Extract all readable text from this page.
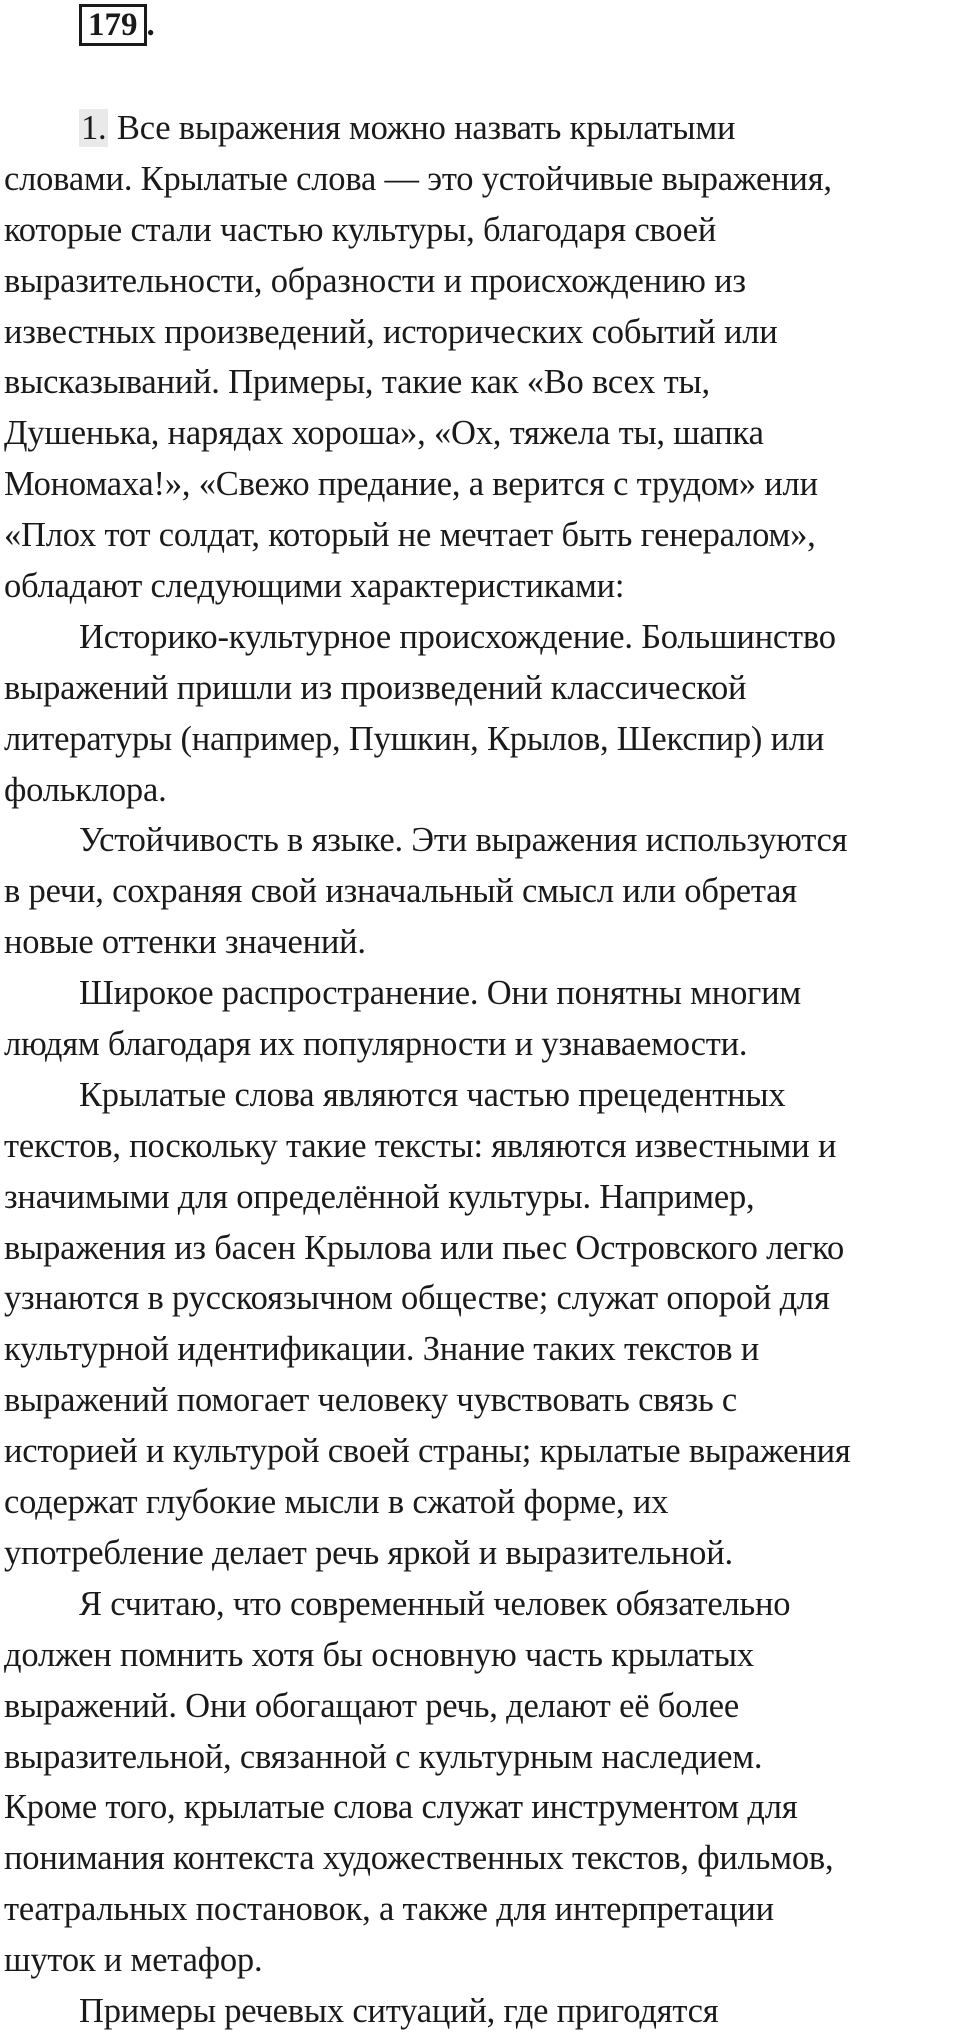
179 .
1. Все выражения можно назвать крылатыми
словами. Крылатые слова — это устойчивые выражения,
которые стали частью культуры, благодаря своей
выразительности, образности и происхождению из
известных произведений, исторических событий или
высказываний. Примеры, такие как «Во всех ты,
Душенька, нарядах хороша», «Ох, тяжела ты, шапка
Мономаха!», «Свежо предание, а верится с трудом» или
«Плох тот солдат, который не мечтает быть генералом»,
обладают следующими характеристиками:
Историко-культурное происхождение. Большинство
выражений пришли из произведений классической
литературы (например, Пушкин, Крылов, Шекспир) или
фольклора.
Устойчивость в языке. Эти выражения используются
в речи, сохраняя свой изначальный смысл или обретая
новые оттенки значений.
Широкое распространение. Они понятны многим
людям благодаря их популярности и узнаваемости.
Крылатые слова являются частью прецедентных
текстов, поскольку такие тексты: являются известными и
значимыми для определённой культуры. Например,
выражения из басен Крылова или пьес Островского легко
узнаются в русскоязычном обществе; служат опорой для
культурной идентификации. Знание таких текстов и
выражений помогает человеку чувствовать связь с
историей и культурой своей страны; крылатые выражения
содержат глубокие мысли в сжатой форме, их
употребление делает речь яркой и выразительной.
Я считаю, что современный человек обязательно
должен помнить хотя бы основную часть крылатых
выражений. Они обогащают речь, делают её более
выразительной, связанной с культурным наследием.
Кроме того, крылатые слова служат инструментом для
понимания контекста художественных текстов, фильмов,
театральных постановок, а также для интерпретации
шуток и метафор.
Примеры речевых ситуаций, где пригодятся
